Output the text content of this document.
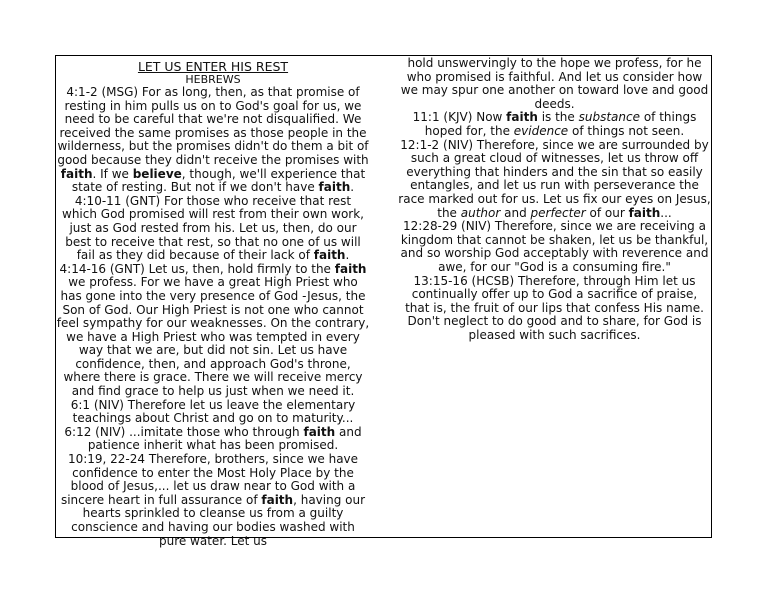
LET US ENTER HIS REST
HEBREWS
4:1-2 (MSG) For as long, then, as that promise of resting in him pulls us on to God's goal for us, we need to be careful that we're not disqualified. We received the same promises as those people in the wilderness, but the promises didn't do them a bit of good because they didn't receive the promises with faith. If we believe, though, we'll experience that state of resting. But not if we don't have faith.
4:10-11 (GNT) For those who receive that rest which God promised will rest from their own work, just as God rested from his. Let us, then, do our best to receive that rest, so that no one of us will fail as they did because of their lack of faith.
4:14-16 (GNT) Let us, then, hold firmly to the faith we profess. For we have a great High Priest who has gone into the very presence of God -Jesus, the Son of God. Our High Priest is not one who cannot feel sympathy for our weaknesses. On the contrary, we have a High Priest who was tempted in every way that we are, but did not sin. Let us have confidence, then, and approach God's throne, where there is grace. There we will receive mercy and find grace to help us just when we need it.
6:1 (NIV) Therefore let us leave the elementary teachings about Christ and go on to maturity...
6:12 (NIV) ...imitate those who through faith and patience inherit what has been promised.
10:19, 22-24 Therefore, brothers, since we have confidence to enter the Most Holy Place by the blood of Jesus,... let us draw near to God with a sincere heart in full assurance of faith, having our hearts sprinkled to cleanse us from a guilty conscience and having our bodies washed with pure water. Let us
hold unswervingly to the hope we profess, for he who promised is faithful. And let us consider how we may spur one another on toward love and good deeds.
11:1 (KJV) Now faith is the substance of things hoped for, the evidence of things not seen.
12:1-2 (NIV) Therefore, since we are surrounded by such a great cloud of witnesses, let us throw off everything that hinders and the sin that so easily entangles, and let us run with perseverance the race marked out for us. Let us fix our eyes on Jesus, the author and perfecter of our faith...
12:28-29 (NIV) Therefore, since we are receiving a kingdom that cannot be shaken, let us be thankful, and so worship God acceptably with reverence and awe, for our "God is a consuming fire."
13:15-16 (HCSB) Therefore, through Him let us continually offer up to God a sacrifice of praise, that is, the fruit of our lips that confess His name. Don't neglect to do good and to share, for God is pleased with such sacrifices.
